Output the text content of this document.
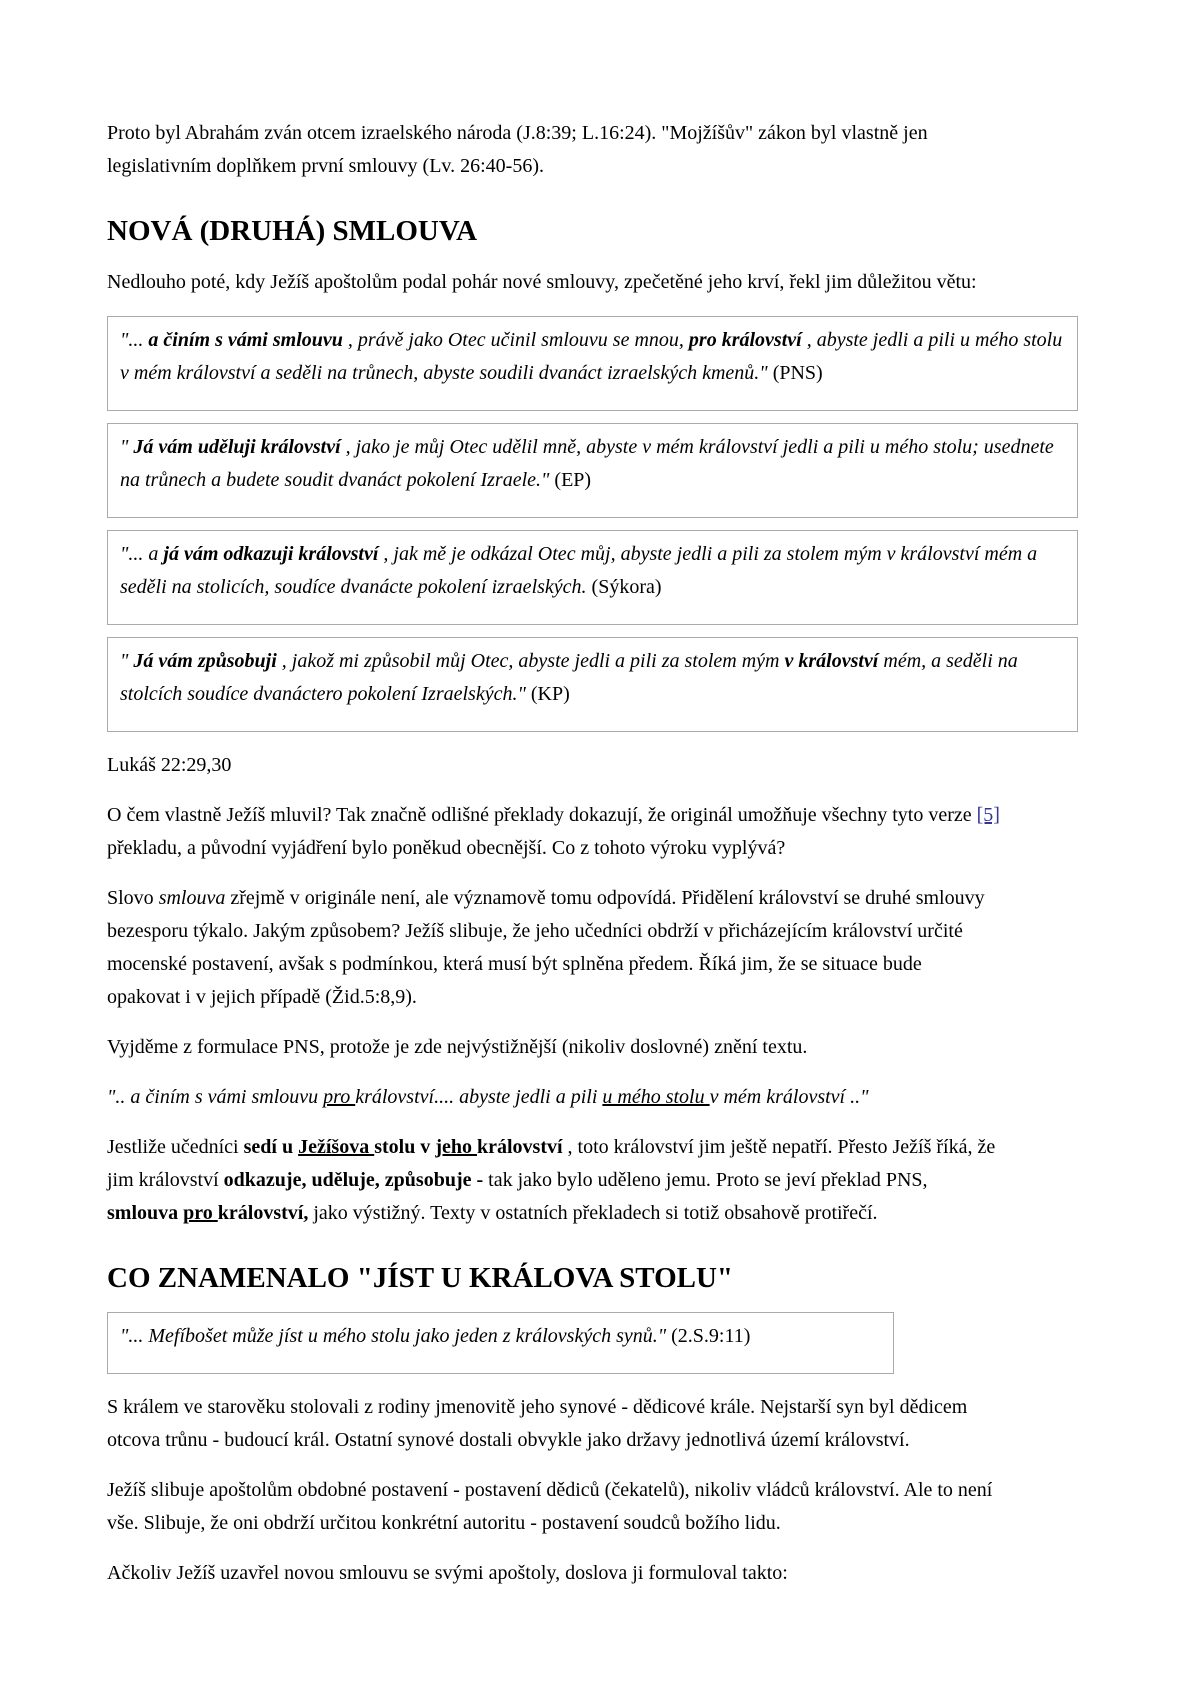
Proto byl Abrahám zván otcem izraelského národa (J.8:39; L.16:24). "Mojžíšův" zákon byl vlastně jen legislativním doplňkem první smlouvy (Lv. 26:40-56).

NOVÁ (DRUHÁ) SMLOUVA

Nedlouho poté, kdy Ježíš apoštolům podal pohár nové smlouvy, zpečetěné jeho krví, řekl jim důležitou větu:

"... a činím s vámi smlouvu , právě jako Otec učinil smlouvu se mnou, pro království , abyste jedli a pili u mého stolu v mém království a seděli na trůnech, abyste soudili dvanáct izraelských kmenů." (PNS)

" Já vám uděluji království , jako je můj Otec udělil mně, abyste v mém království jedli a pili u mého stolu; usednete na trůnech a budete soudit dvanáct pokolení Izraele." (EP)

"... a já vám odkazuji království , jak mě je odkázal Otec můj, abyste jedli a pili za stolem mým v království mém a seděli na stolicích, soudíce dvanácte pokolení izraelských. (Sýkora)

" Já vám způsobuji , jakož mi způsobil můj Otec, abyste jedli a pili za stolem mým v království mém, a seděli na stolcích soudíce dvanáctero pokolení Izraelských." (KP)

Lukáš 22:29,30

O čem vlastně Ježíš mluvil? Tak značně odlišné překlady dokazují, že originál umožňuje všechny tyto verze [5] překladu, a původní vyjádření bylo poněkud obecnější. Co z tohoto výroku vyplývá?

Slovo smlouva zřejmě v originále není, ale významově tomu odpovídá. Přidělení království se druhé smlouvy bezesporu týkalo. Jakým způsobem? Ježíš slibuje, že jeho učedníci obdrží v přicházejícím království určité mocenské postavení, avšak s podmínkou, která musí být splněna předem. Říká jim, že se situace bude opakovat i v jejich případě (Žid.5:8,9).

Vyjděme z formulace PNS, protože je zde nejvýstižnější (nikoliv doslovné) znění textu.

".. a činím s vámi smlouvu pro království.... abyste jedli a pili u mého stolu v mém království .."

Jestliže učedníci sedí u Ježíšova stolu v jeho království , toto království jim ještě nepatří. Přesto Ježíš říká, že jim království odkazuje, uděluje, způsobuje - tak jako bylo uděleno jemu. Proto se jeví překlad PNS, smlouva pro království, jako výstižný. Texty v ostatních překladech si totiž obsahově protiřečí.

CO ZNAMENALO "JÍST U KRÁLOVA STOLU"

"... Mefíbošet může jíst u mého stolu jako jeden z královských synů." (2.S.9:11)

S králem ve starověku stolovali z rodiny jmenovitě jeho synové - dědicové krále. Nejstarší syn byl dědicem otcova trůnu - budoucí král. Ostatní synové dostali obvykle jako državy jednotlivá území království.

Ježíš slibuje apoštolům obdobné postavení - postavení dědiců (čekatelů), nikoliv vládců království. Ale to není vše. Slibuje, že oni obdrží určitou konkrétní autoritu - postavení soudců božího lidu.

Ačkoliv Ježíš uzavřel novou smlouvu se svými apoštoly, doslova ji formuloval takto:
